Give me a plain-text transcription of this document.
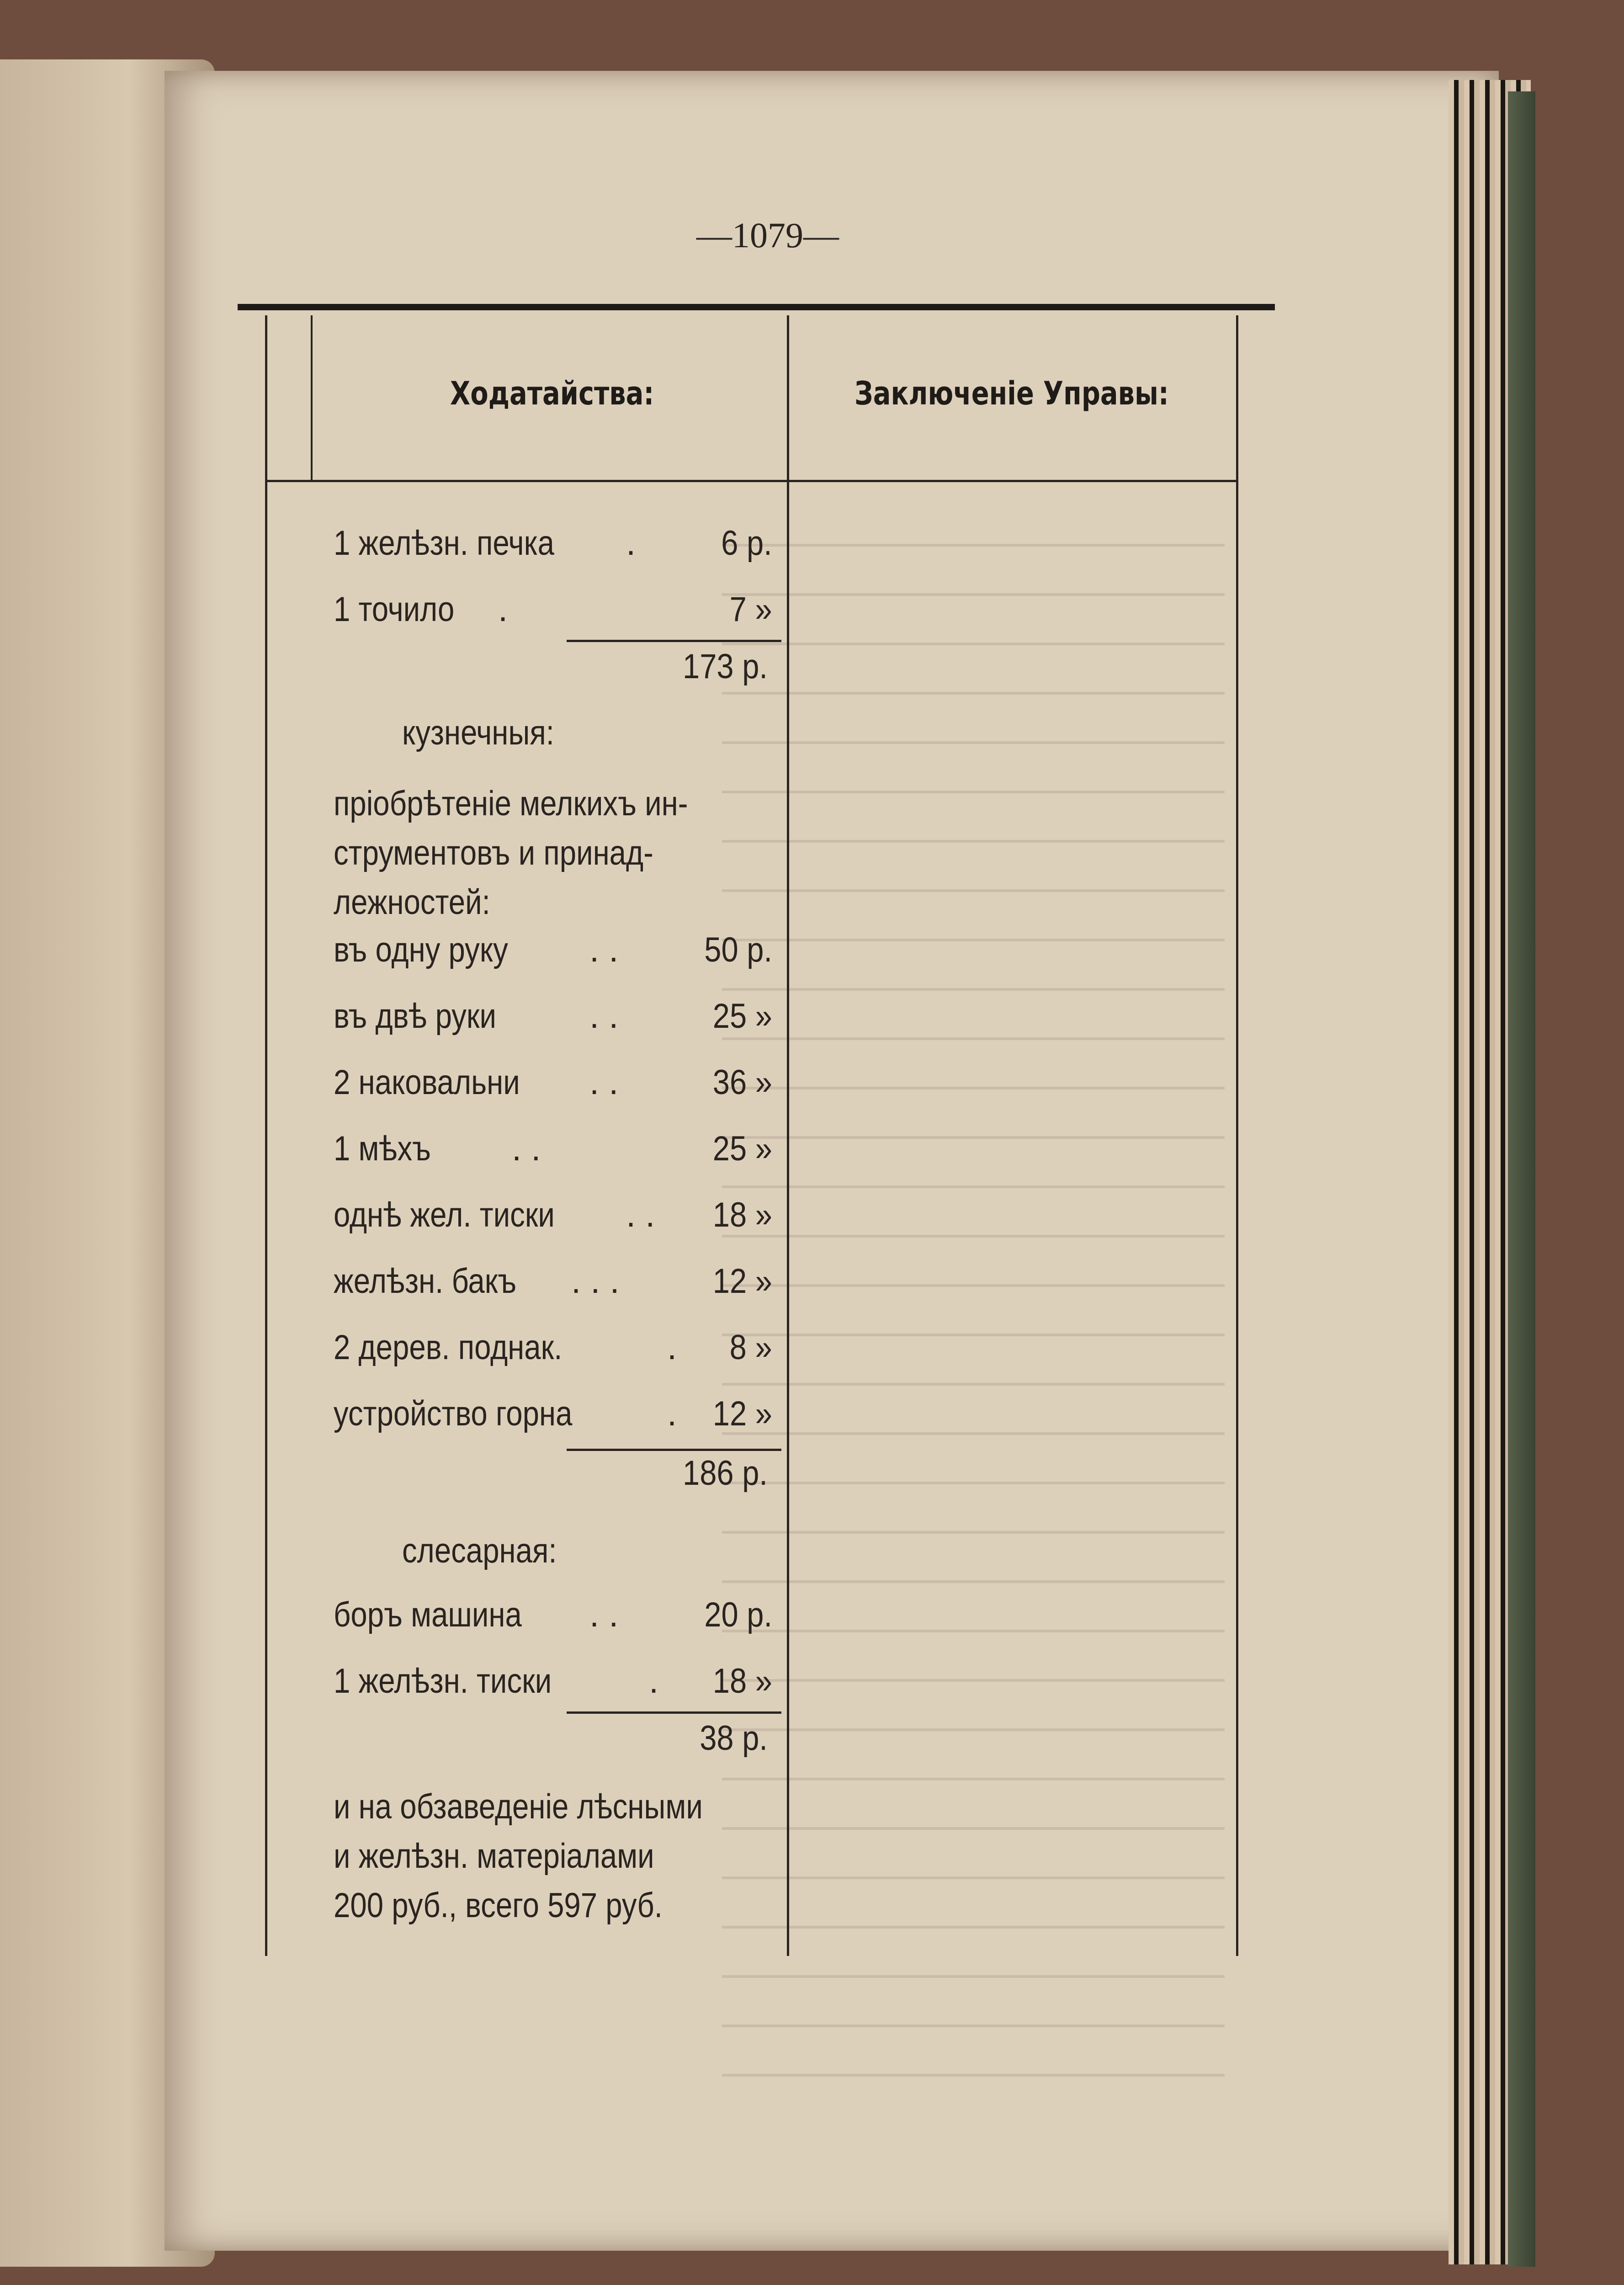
—1079—
Ходатайства:	Заключеніе Управы:
1 желѣзн. печка . 6 р.
1 точило .	7 »
173 р.
кузнечныя:
пріобрѣтеніе мелкихъ ин-
струментовъ и принад-
лежностей:
въ одну руку . . 50 р.
въ двѣ руки	. .	25 »
2 наковальни . .	36 »
1 мѣхъ . .	25 »
однѣ жел. тиски . . 18 »
желѣзн. бакъ . . .	12 »
2 дерев. поднак.	. 8 »
устройство горна	. 12 »
186 р.
слесарная:
боръ машина . . 20 р.
1 желѣзн. тиски	. 18 »
38 р.
и на обзаведеніе лѣсными
и желѣзн. матеріалами
200 руб., всего 597 руб.
